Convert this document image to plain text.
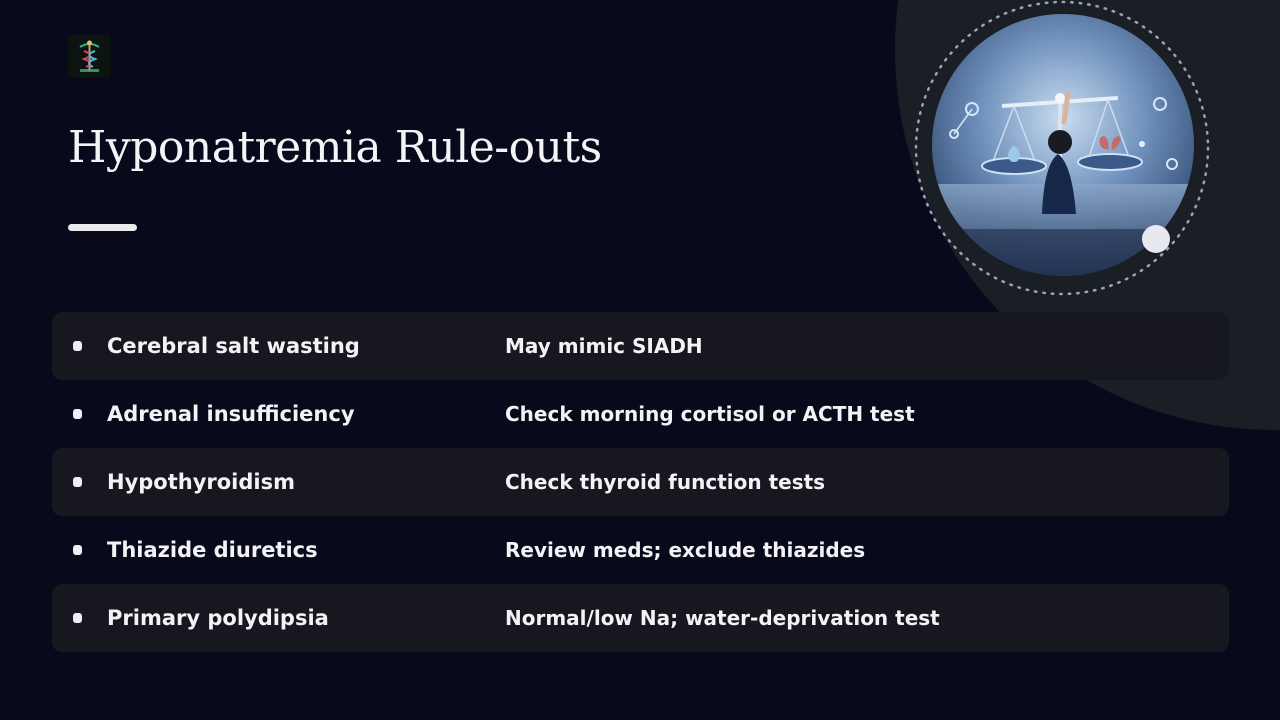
Hyponatremia Rule-outs
Cerebral salt wasting	May mimic SIADH
Adrenal insufficiency	Check morning cortisol or ACTH test
Hypothyroidism	Check thyroid function tests
Thiazide diuretics	Review meds; exclude thiazides
Primary polydipsia	Normal/low Na; water-deprivation test
